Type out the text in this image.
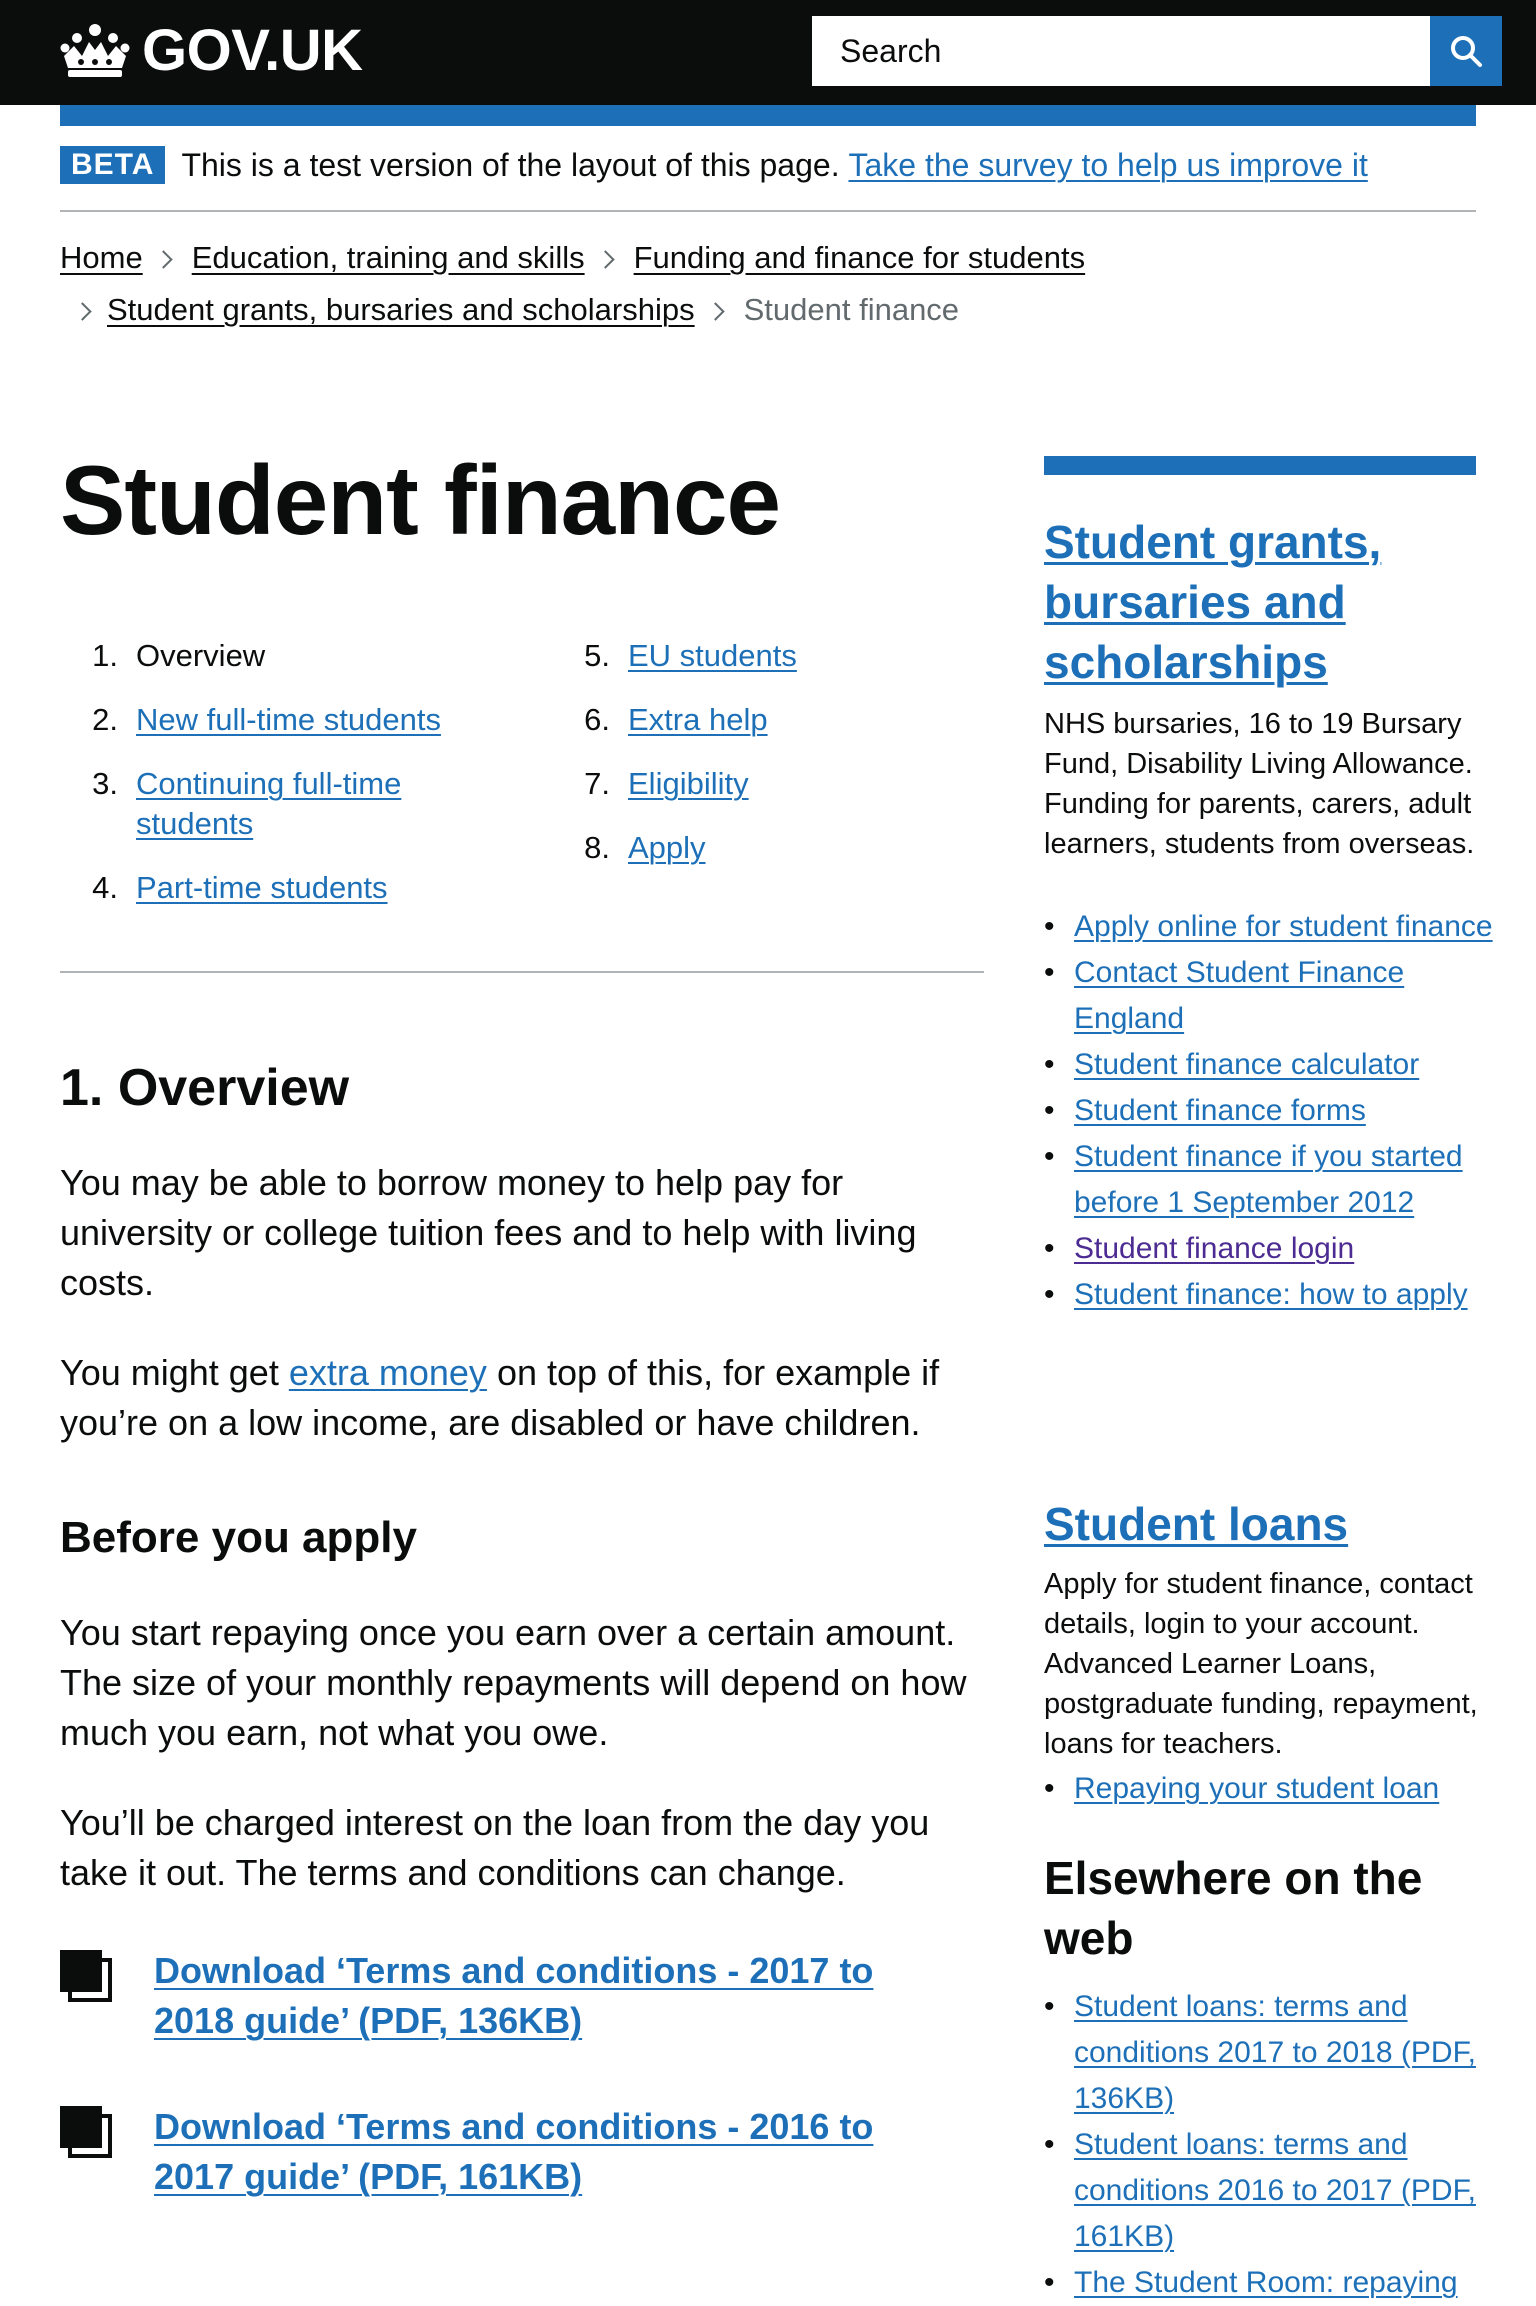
GOV.UK
Search
BETA This is a test version of the layout of this page.
Take the survey to help us improve it
Home Education, training and skills Funding and finance for students
Student grants, bursaries and scholarships Student finance
Student finance
1. Overview
2. New full-time students
3. Continuing full-time students
4. Part-time students
5. EU students
6. Extra help
7. Eligibility
8. Apply
1. Overview

You may be able to borrow money to help pay for university or college tuition fees and to help with living costs.

You might get extra money on top of this, for example if you’re on a low income, are disabled or have children.

Before you apply

You start repaying once you earn over a certain amount. The size of your monthly repayments will depend on how much you earn, not what you owe.

You’ll be charged interest on the loan from the day you take it out. The terms and conditions can change.

Download ‘Terms and conditions - 2017 to 2018 guide’ (PDF, 136KB)
Download ‘Terms and conditions - 2016 to 2017 guide’ (PDF, 161KB)
Student grants, bursaries and scholarships

NHS bursaries, 16 to 19 Bursary Fund, Disability Living Allowance. Funding for parents, carers, adult learners, students from overseas.

• Apply online for student finance
• Contact Student Finance England
• Student finance calculator
• Student finance forms
• Student finance if you started before 1 September 2012
• Student finance login
• Student finance: how to apply
Student loans

Apply for student finance, contact details, login to your account. Advanced Learner Loans, postgraduate funding, repayment, loans for teachers.

• Repaying your student loan
Elsewhere on the web
• Student loans: terms and conditions 2017 to 2018 (PDF, 136KB)
• Student loans: terms and conditions 2016 to 2017 (PDF, 161KB)
• The Student Room: repaying
